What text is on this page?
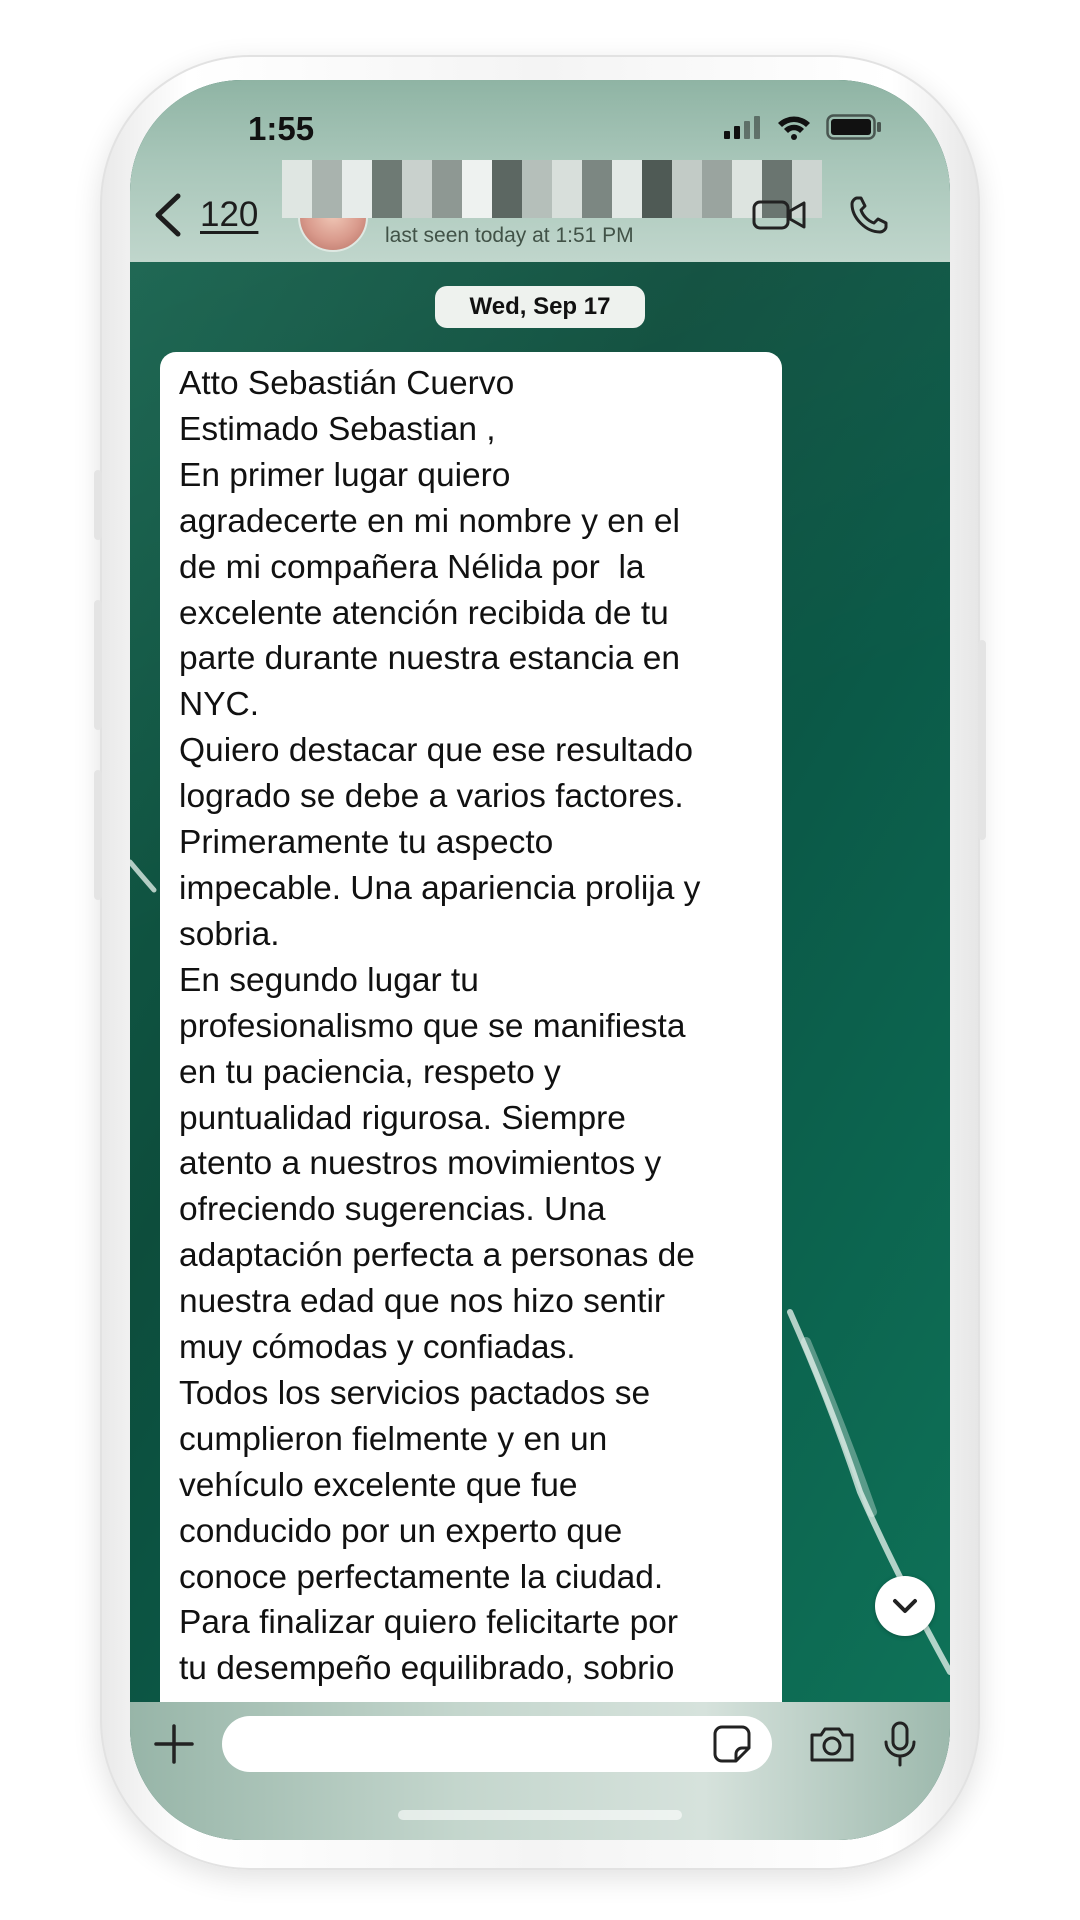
1:55
120
last seen today at 1:51 PM
Wed, Sep 17

Atto Sebastián Cuervo
Estimado Sebastian ,
En primer lugar quiero
agradecerte en mi nombre y en el
de mi compañera Nélida por  la
excelente atención recibida de tu
parte durante nuestra estancia en
NYC.
Quiero destacar que ese resultado
logrado se debe a varios factores.
Primeramente tu aspecto
impecable. Una apariencia prolija y
sobria.
En segundo lugar tu
profesionalismo que se manifiesta
en tu paciencia, respeto y
puntualidad rigurosa. Siempre
atento a nuestros movimientos y
ofreciendo sugerencias. Una
adaptación perfecta a personas de
nuestra edad que nos hizo sentir
muy cómodas y confiadas.
Todos los servicios pactados se
cumplieron fielmente y en un
vehículo excelente que fue
conducido por un experto que
conoce perfectamente la ciudad.
Para finalizar quiero felicitarte por
tu desempeño equilibrado, sobrio
